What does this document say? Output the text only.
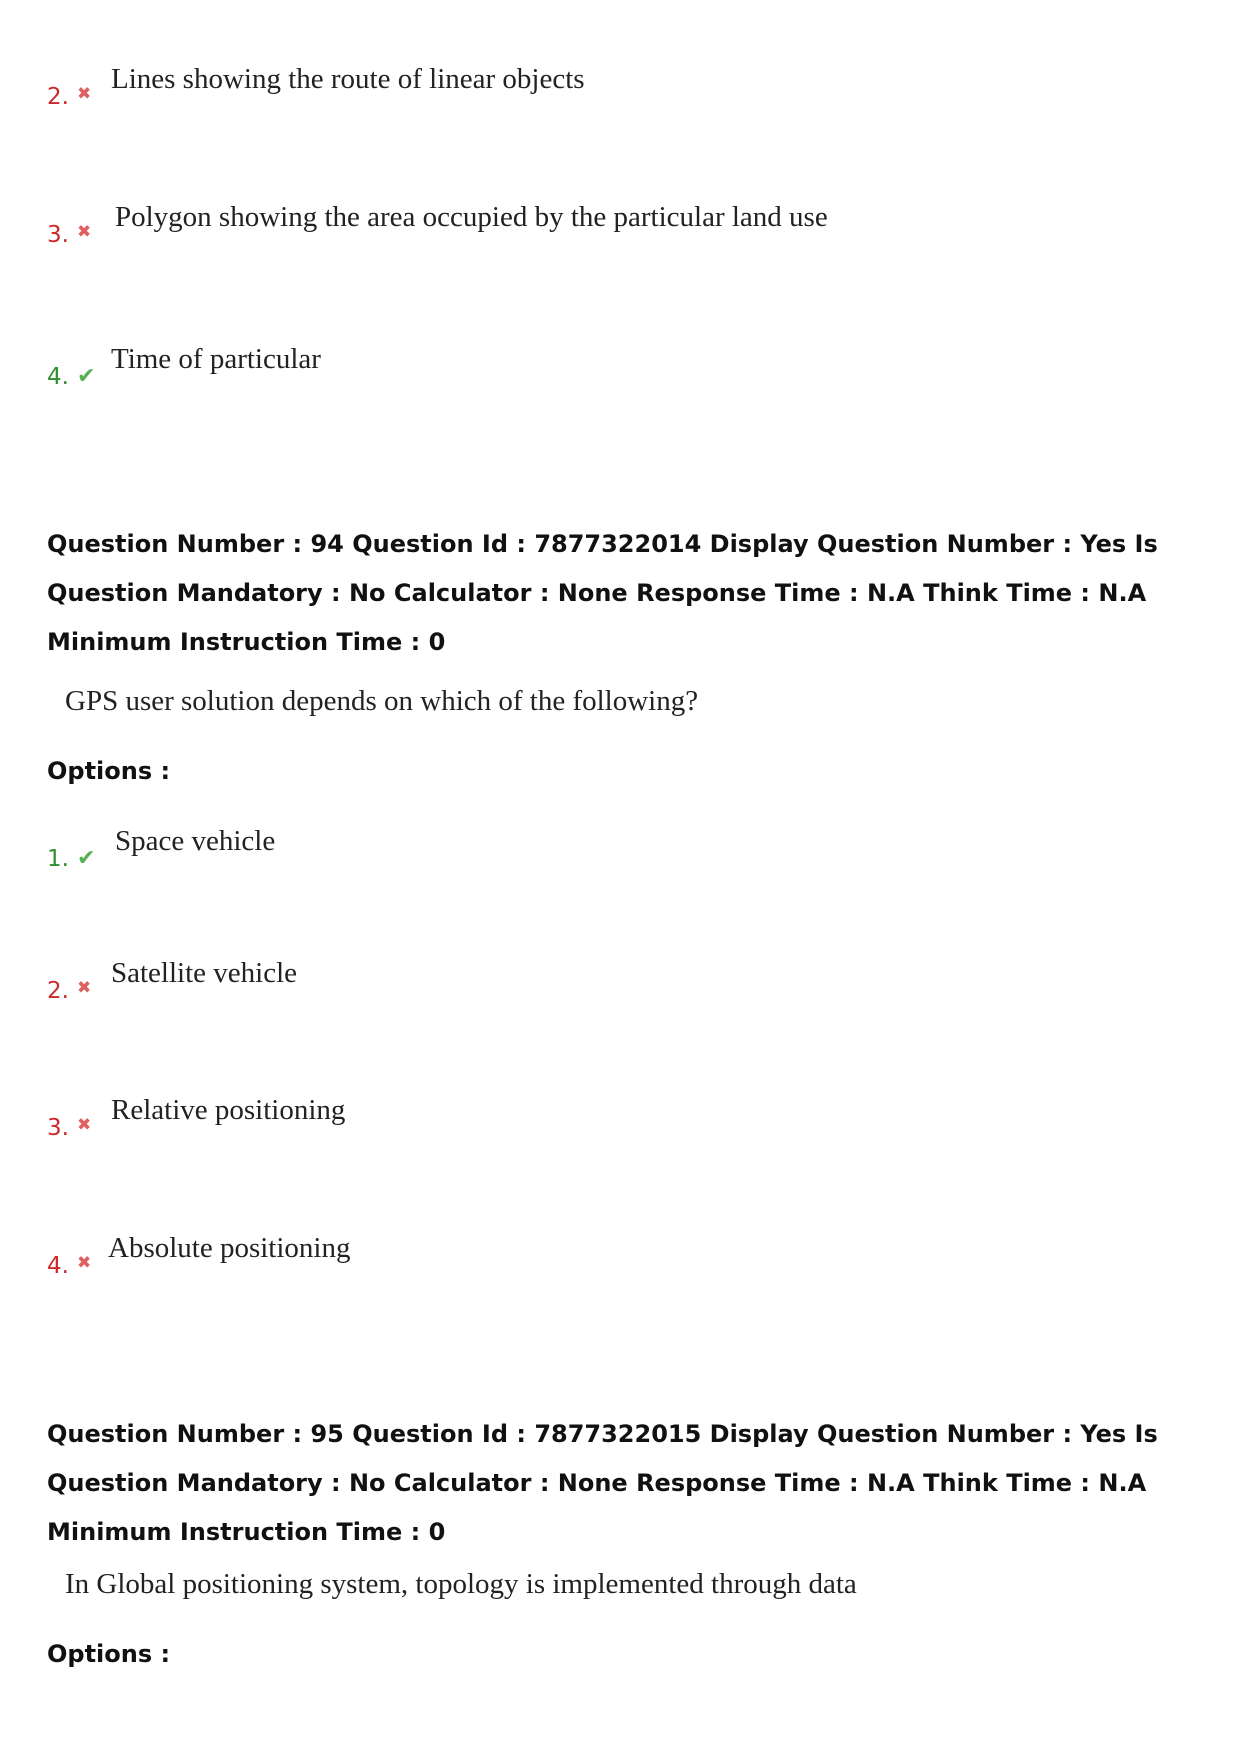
2. ✖ Lines showing the route of linear objects
3. ✖ Polygon showing the area occupied by the particular land use
4. ✔
Time of particular
Question Number : 94 Question Id : 7877322014 Display Question Number : Yes Is Question Mandatory : No Calculator : None Response Time : N.A Think Time : N.A Minimum Instruction Time : 0
GPS user solution depends on which of the following?
Options :
1. ✔
Space vehicle
2. ✖ Satellite vehicle
3. ✖ Relative positioning
4. ✖ Absolute positioning
Question Number : 95 Question Id : 7877322015 Display Question Number : Yes Is Question Mandatory : No Calculator : None Response Time : N.A Think Time : N.A Minimum Instruction Time : 0
In Global positioning system, topology is implemented through data
Options :
